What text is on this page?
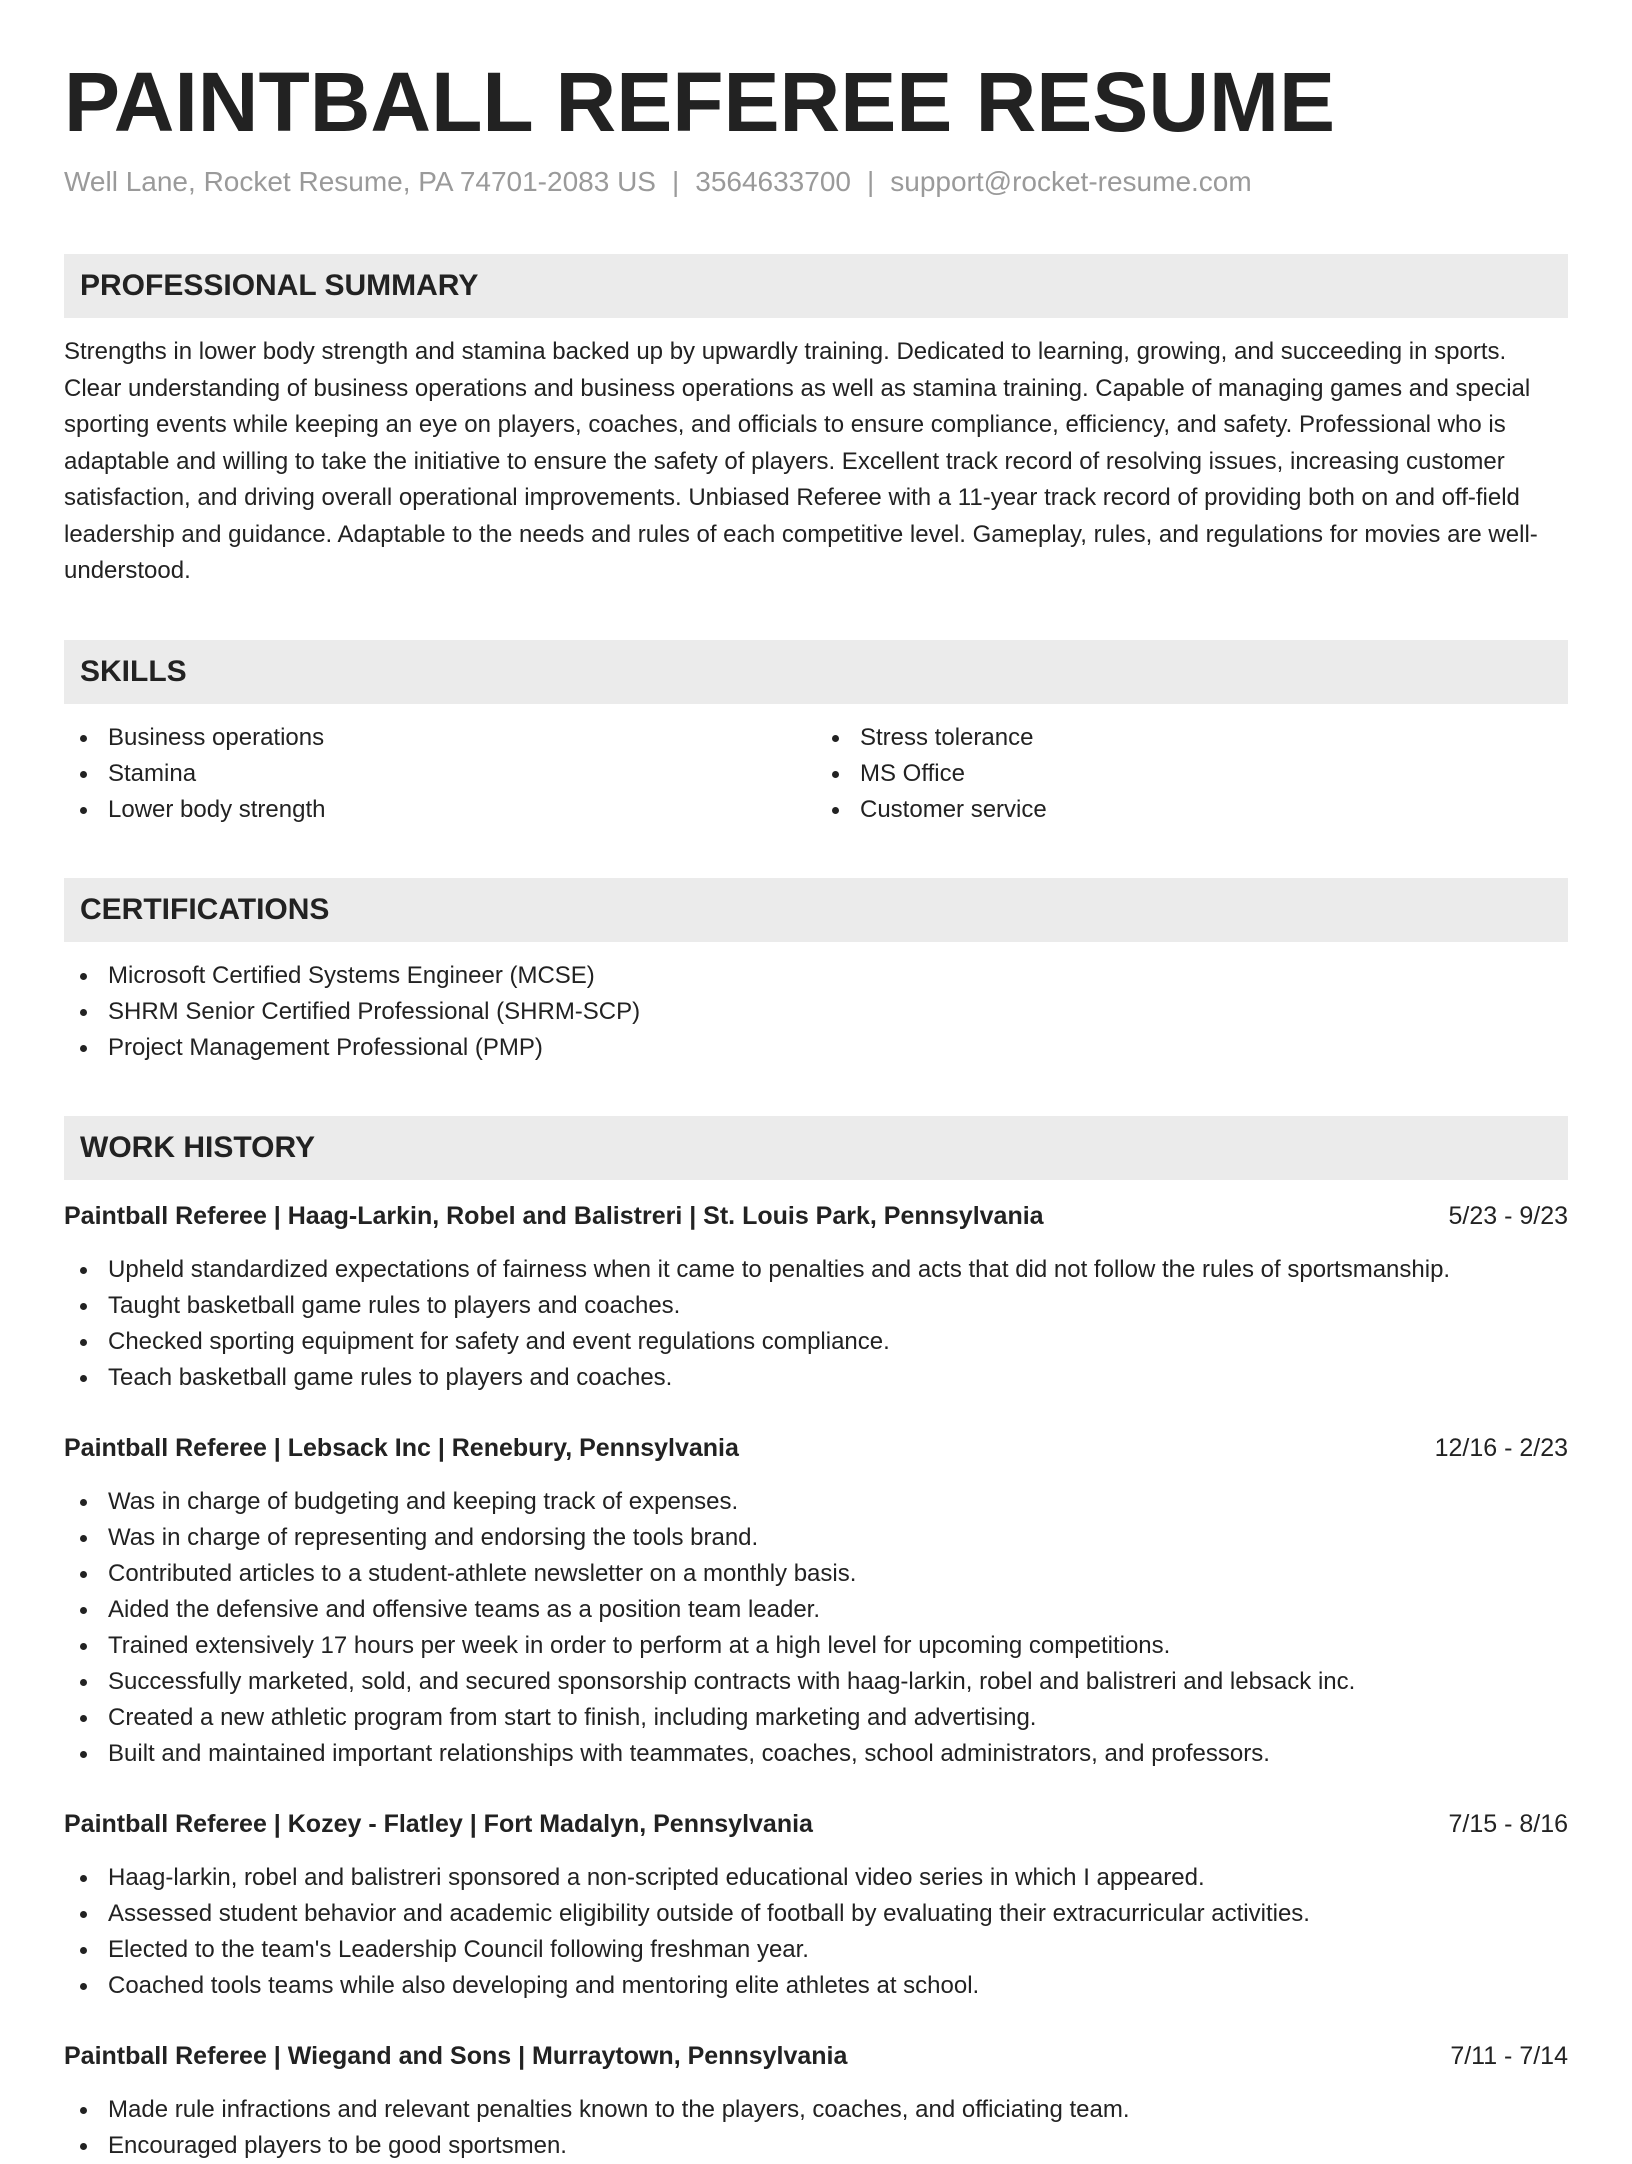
PAINTBALL REFEREE RESUME
Well Lane, Rocket Resume, PA 74701-2083 US | 3564633700 | support@rocket-resume.com
PROFESSIONAL SUMMARY
Strengths in lower body strength and stamina backed up by upwardly training. Dedicated to learning, growing, and succeeding in sports. Clear understanding of business operations and business operations as well as stamina training. Capable of managing games and special sporting events while keeping an eye on players, coaches, and officials to ensure compliance, efficiency, and safety. Professional who is adaptable and willing to take the initiative to ensure the safety of players. Excellent track record of resolving issues, increasing customer satisfaction, and driving overall operational improvements. Unbiased Referee with a 11-year track record of providing both on and off-field leadership and guidance. Adaptable to the needs and rules of each competitive level. Gameplay, rules, and regulations for movies are well-understood.
SKILLS
Business operations
Stamina
Lower body strength
Stress tolerance
MS Office
Customer service
CERTIFICATIONS
Microsoft Certified Systems Engineer (MCSE)
SHRM Senior Certified Professional (SHRM-SCP)
Project Management Professional (PMP)
WORK HISTORY
Paintball Referee | Haag-Larkin, Robel and Balistreri | St. Louis Park, Pennsylvania	5/23 - 9/23
Upheld standardized expectations of fairness when it came to penalties and acts that did not follow the rules of sportsmanship.
Taught basketball game rules to players and coaches.
Checked sporting equipment for safety and event regulations compliance.
Teach basketball game rules to players and coaches.
Paintball Referee | Lebsack Inc | Renebury, Pennsylvania	12/16 - 2/23
Was in charge of budgeting and keeping track of expenses.
Was in charge of representing and endorsing the tools brand.
Contributed articles to a student-athlete newsletter on a monthly basis.
Aided the defensive and offensive teams as a position team leader.
Trained extensively 17 hours per week in order to perform at a high level for upcoming competitions.
Successfully marketed, sold, and secured sponsorship contracts with haag-larkin, robel and balistreri and lebsack inc.
Created a new athletic program from start to finish, including marketing and advertising.
Built and maintained important relationships with teammates, coaches, school administrators, and professors.
Paintball Referee | Kozey - Flatley | Fort Madalyn, Pennsylvania	7/15 - 8/16
Haag-larkin, robel and balistreri sponsored a non-scripted educational video series in which I appeared.
Assessed student behavior and academic eligibility outside of football by evaluating their extracurricular activities.
Elected to the team's Leadership Council following freshman year.
Coached tools teams while also developing and mentoring elite athletes at school.
Paintball Referee | Wiegand and Sons | Murraytown, Pennsylvania	7/11 - 7/14
Made rule infractions and relevant penalties known to the players, coaches, and officiating team.
Encouraged players to be good sportsmen.
